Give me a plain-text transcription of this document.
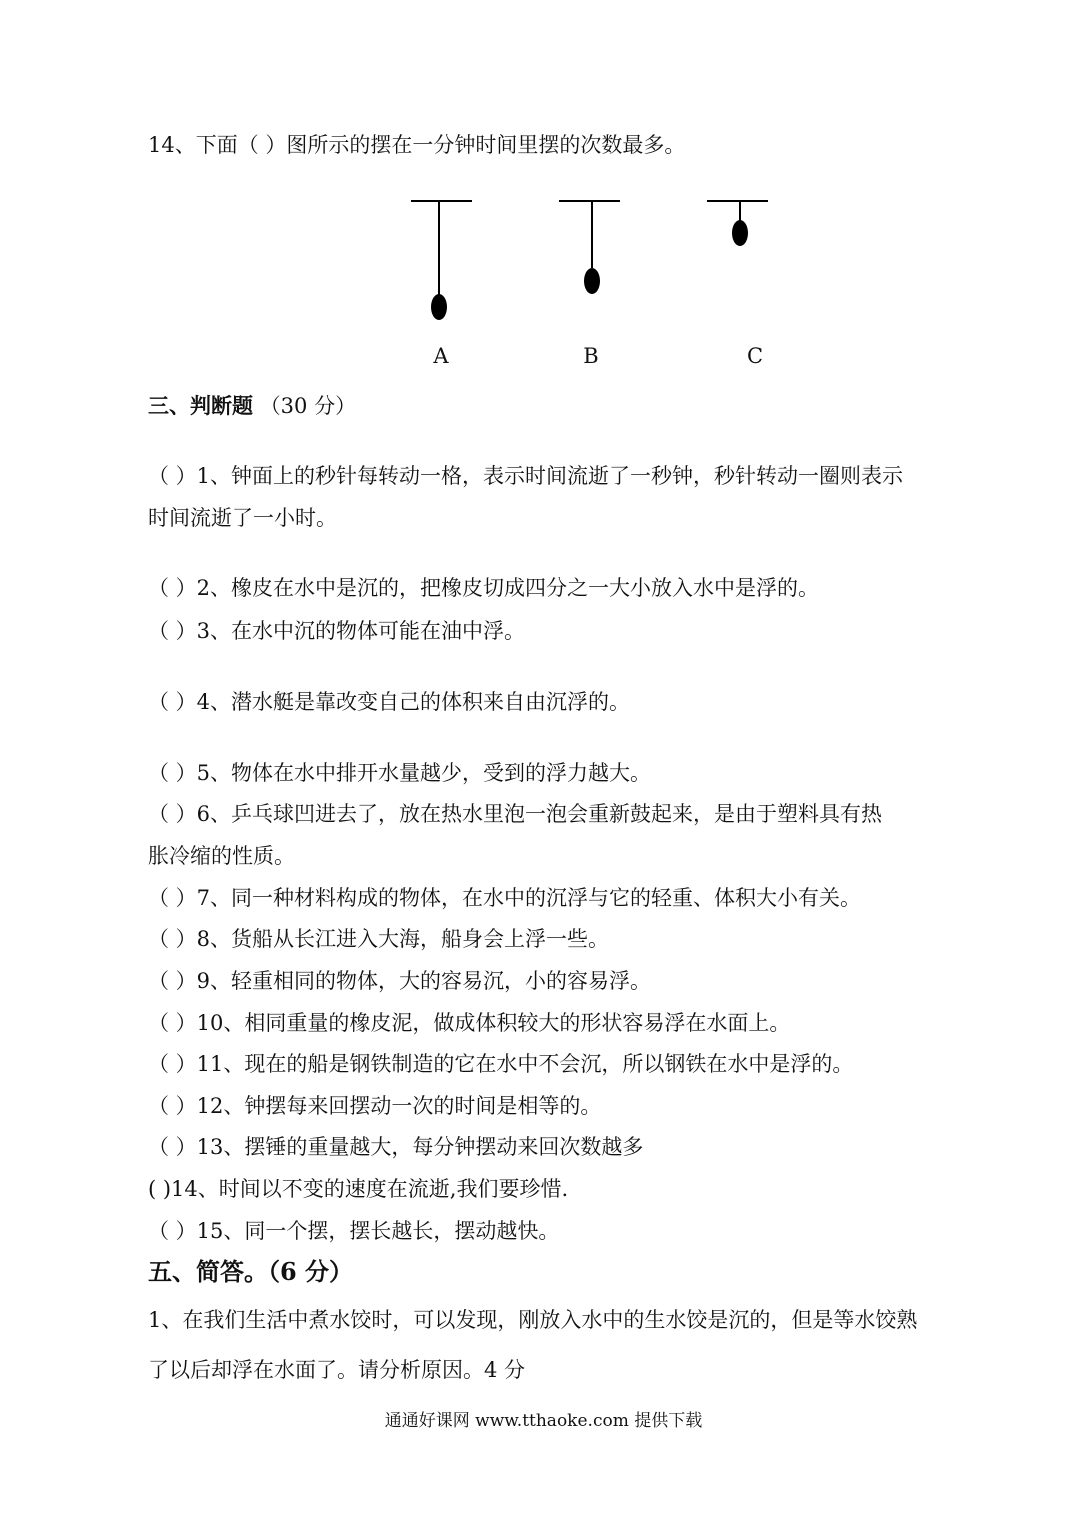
14、下面（ ）图所示的摆在一分钟时间里摆的次数最多。
A	B	C
三、判断题 （30 分）
（ ）1、钟面上的秒针每转动一格，表示时间流逝了一秒钟，秒针转动一圈则表示
时间流逝了一小时。
（ ）2、橡皮在水中是沉的，把橡皮切成四分之一大小放入水中是浮的。
（ ）3、在水中沉的物体可能在油中浮。
（ ）4、潜水艇是靠改变自己的体积来自由沉浮的。
（ ）5、物体在水中排开水量越少，受到的浮力越大。
（ ）6、乒乓球凹进去了，放在热水里泡一泡会重新鼓起来，是由于塑料具有热
胀冷缩的性质。
（ ）7、同一种材料构成的物体，在水中的沉浮与它的轻重、体积大小有关。
（ ）8、货船从长江进入大海，船身会上浮一些。
（ ）9、轻重相同的物体，大的容易沉，小的容易浮。
（ ）10、相同重量的橡皮泥，做成体积较大的形状容易浮在水面上。
（ ）11、现在的船是钢铁制造的它在水中不会沉，所以钢铁在水中是浮的。
（ ）12、钟摆每来回摆动一次的时间是相等的。
（ ）13、摆锤的重量越大，每分钟摆动来回次数越多
( )14、时间以不变的速度在流逝,我们要珍惜.
（ ）15、同一个摆，摆长越长，摆动越快。
五、简答。（6 分）
1、在我们生活中煮水饺时，可以发现，刚放入水中的生水饺是沉的，但是等水饺熟
了以后却浮在水面了。请分析原因。4 分
通通好课网 www.tthaoke.com 提供下载
